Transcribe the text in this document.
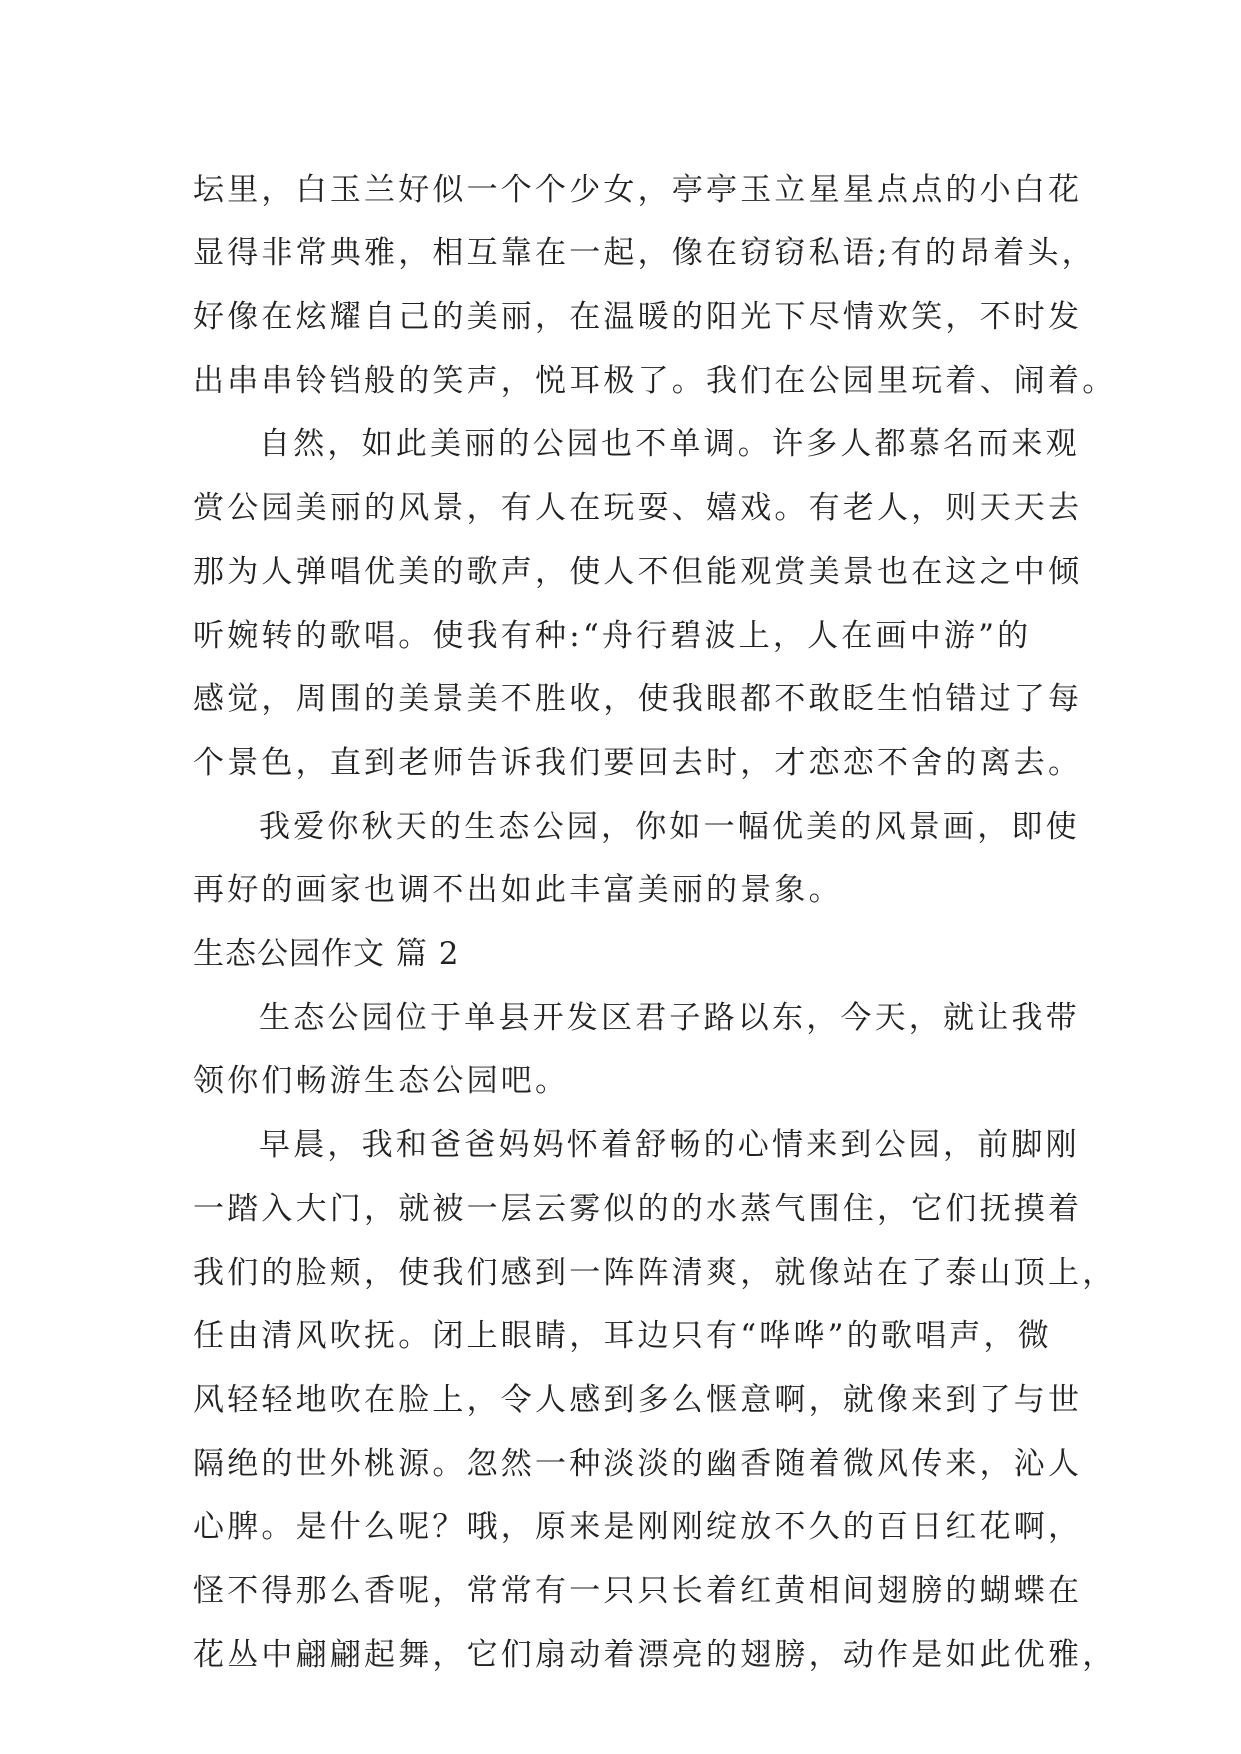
坛里，白玉兰好似一个个少女，亭亭玉立星星点点的小白花
显得非常典雅，相互靠在一起，像在窃窃私语;有的昂着头，
好像在炫耀自己的美丽，在温暖的阳光下尽情欢笑，不时发
出串串铃铛般的笑声，悦耳极了。我们在公园里玩着、闹着。
自然，如此美丽的公园也不单调。许多人都慕名而来观
赏公园美丽的风景，有人在玩耍、嬉戏。有老人，则天天去
那为人弹唱优美的歌声，使人不但能观赏美景也在这之中倾
听婉转的歌唱。使我有种:“舟行碧波上，人在画中游”的
感觉，周围的美景美不胜收，使我眼都不敢眨生怕错过了每
个景色，直到老师告诉我们要回去时，才恋恋不舍的离去。
我爱你秋天的生态公园，你如一幅优美的风景画，即使
再好的画家也调不出如此丰富美丽的景象。
生态公园作文 篇 2
生态公园位于单县开发区君子路以东，今天，就让我带
领你们畅游生态公园吧。
早晨，我和爸爸妈妈怀着舒畅的心情来到公园，前脚刚
一踏入大门，就被一层云雾似的的水蒸气围住，它们抚摸着
我们的脸颊，使我们感到一阵阵清爽，就像站在了泰山顶上，
任由清风吹抚。闭上眼睛，耳边只有“哗哗”的歌唱声，微
风轻轻地吹在脸上，令人感到多么惬意啊，就像来到了与世
隔绝的世外桃源。忽然一种淡淡的幽香随着微风传来，沁人
心脾。是什么呢？哦，原来是刚刚绽放不久的百日红花啊，
怪不得那么香呢，常常有一只只长着红黄相间翅膀的蝴蝶在
花丛中翩翩起舞，它们扇动着漂亮的翅膀，动作是如此优雅，
